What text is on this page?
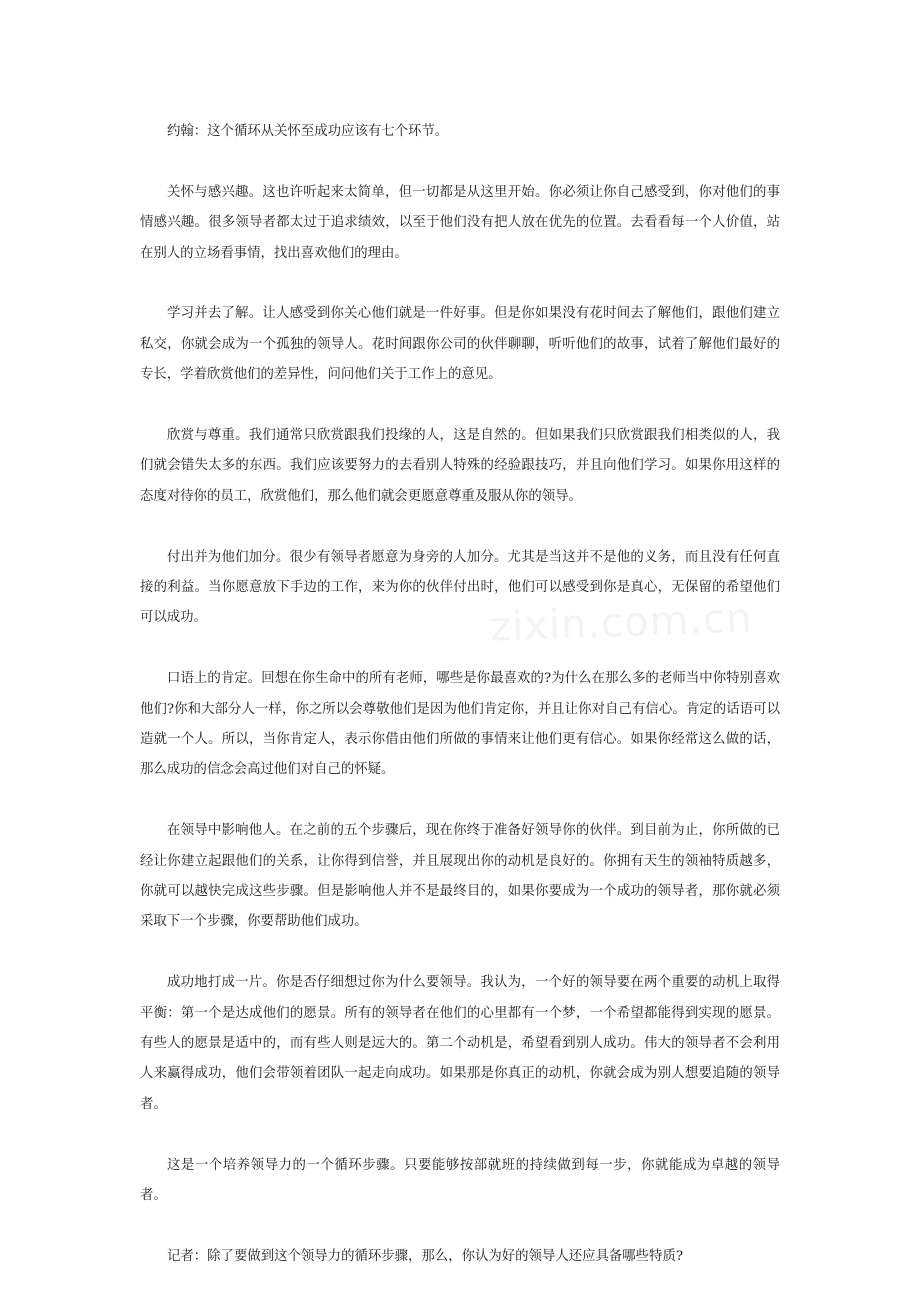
zixin.com.cn

约翰：这个循环从关怀至成功应该有七个环节。

关怀与感兴趣。这也许听起来太简单，但一切都是从这里开始。你必须让你自己感受到，你对他们的事情感兴趣。很多领导者都太过于追求绩效，以至于他们没有把人放在优先的位置。去看看每一个人价值，站在别人的立场看事情，找出喜欢他们的理由。

学习并去了解。让人感受到你关心他们就是一件好事。但是你如果没有花时间去了解他们，跟他们建立私交，你就会成为一个孤独的领导人。花时间跟你公司的伙伴聊聊，听听他们的故事，试着了解他们最好的专长，学着欣赏他们的差异性，问问他们关于工作上的意见。

欣赏与尊重。我们通常只欣赏跟我们投缘的人，这是自然的。但如果我们只欣赏跟我们相类似的人，我们就会错失太多的东西。我们应该要努力的去看别人特殊的经验跟技巧，并且向他们学习。如果你用这样的态度对待你的员工，欣赏他们，那么他们就会更愿意尊重及服从你的领导。

付出并为他们加分。很少有领导者愿意为身旁的人加分。尤其是当这并不是他的义务，而且没有任何直接的利益。当你愿意放下手边的工作，来为你的伙伴付出时，他们可以感受到你是真心，无保留的希望他们可以成功。

口语上的肯定。回想在你生命中的所有老师，哪些是你最喜欢的?为什么在那么多的老师当中你特别喜欢他们?你和大部分人一样，你之所以会尊敬他们是因为他们肯定你，并且让你对自己有信心。肯定的话语可以造就一个人。所以，当你肯定人，表示你借由他们所做的事情来让他们更有信心。如果你经常这么做的话，那么成功的信念会高过他们对自己的怀疑。

在领导中影响他人。在之前的五个步骤后，现在你终于准备好领导你的伙伴。到目前为止，你所做的已经让你建立起跟他们的关系，让你得到信誉，并且展现出你的动机是良好的。你拥有天生的领袖特质越多，你就可以越快完成这些步骤。但是影响他人并不是最终目的，如果你要成为一个成功的领导者，那你就必须采取下一个步骤，你要帮助他们成功。

成功地打成一片。你是否仔细想过你为什么要领导。我认为，一个好的领导要在两个重要的动机上取得平衡：第一个是达成他们的愿景。所有的领导者在他们的心里都有一个梦，一个希望都能得到实现的愿景。有些人的愿景是适中的，而有些人则是远大的。第二个动机是，希望看到别人成功。伟大的领导者不会利用人来赢得成功，他们会带领着团队一起走向成功。如果那是你真正的动机，你就会成为别人想要追随的领导者。

这是一个培养领导力的一个循环步骤。只要能够按部就班的持续做到每一步，你就能成为卓越的领导者。

记者：除了要做到这个领导力的循环步骤，那么，你认为好的领导人还应具备哪些特质?
